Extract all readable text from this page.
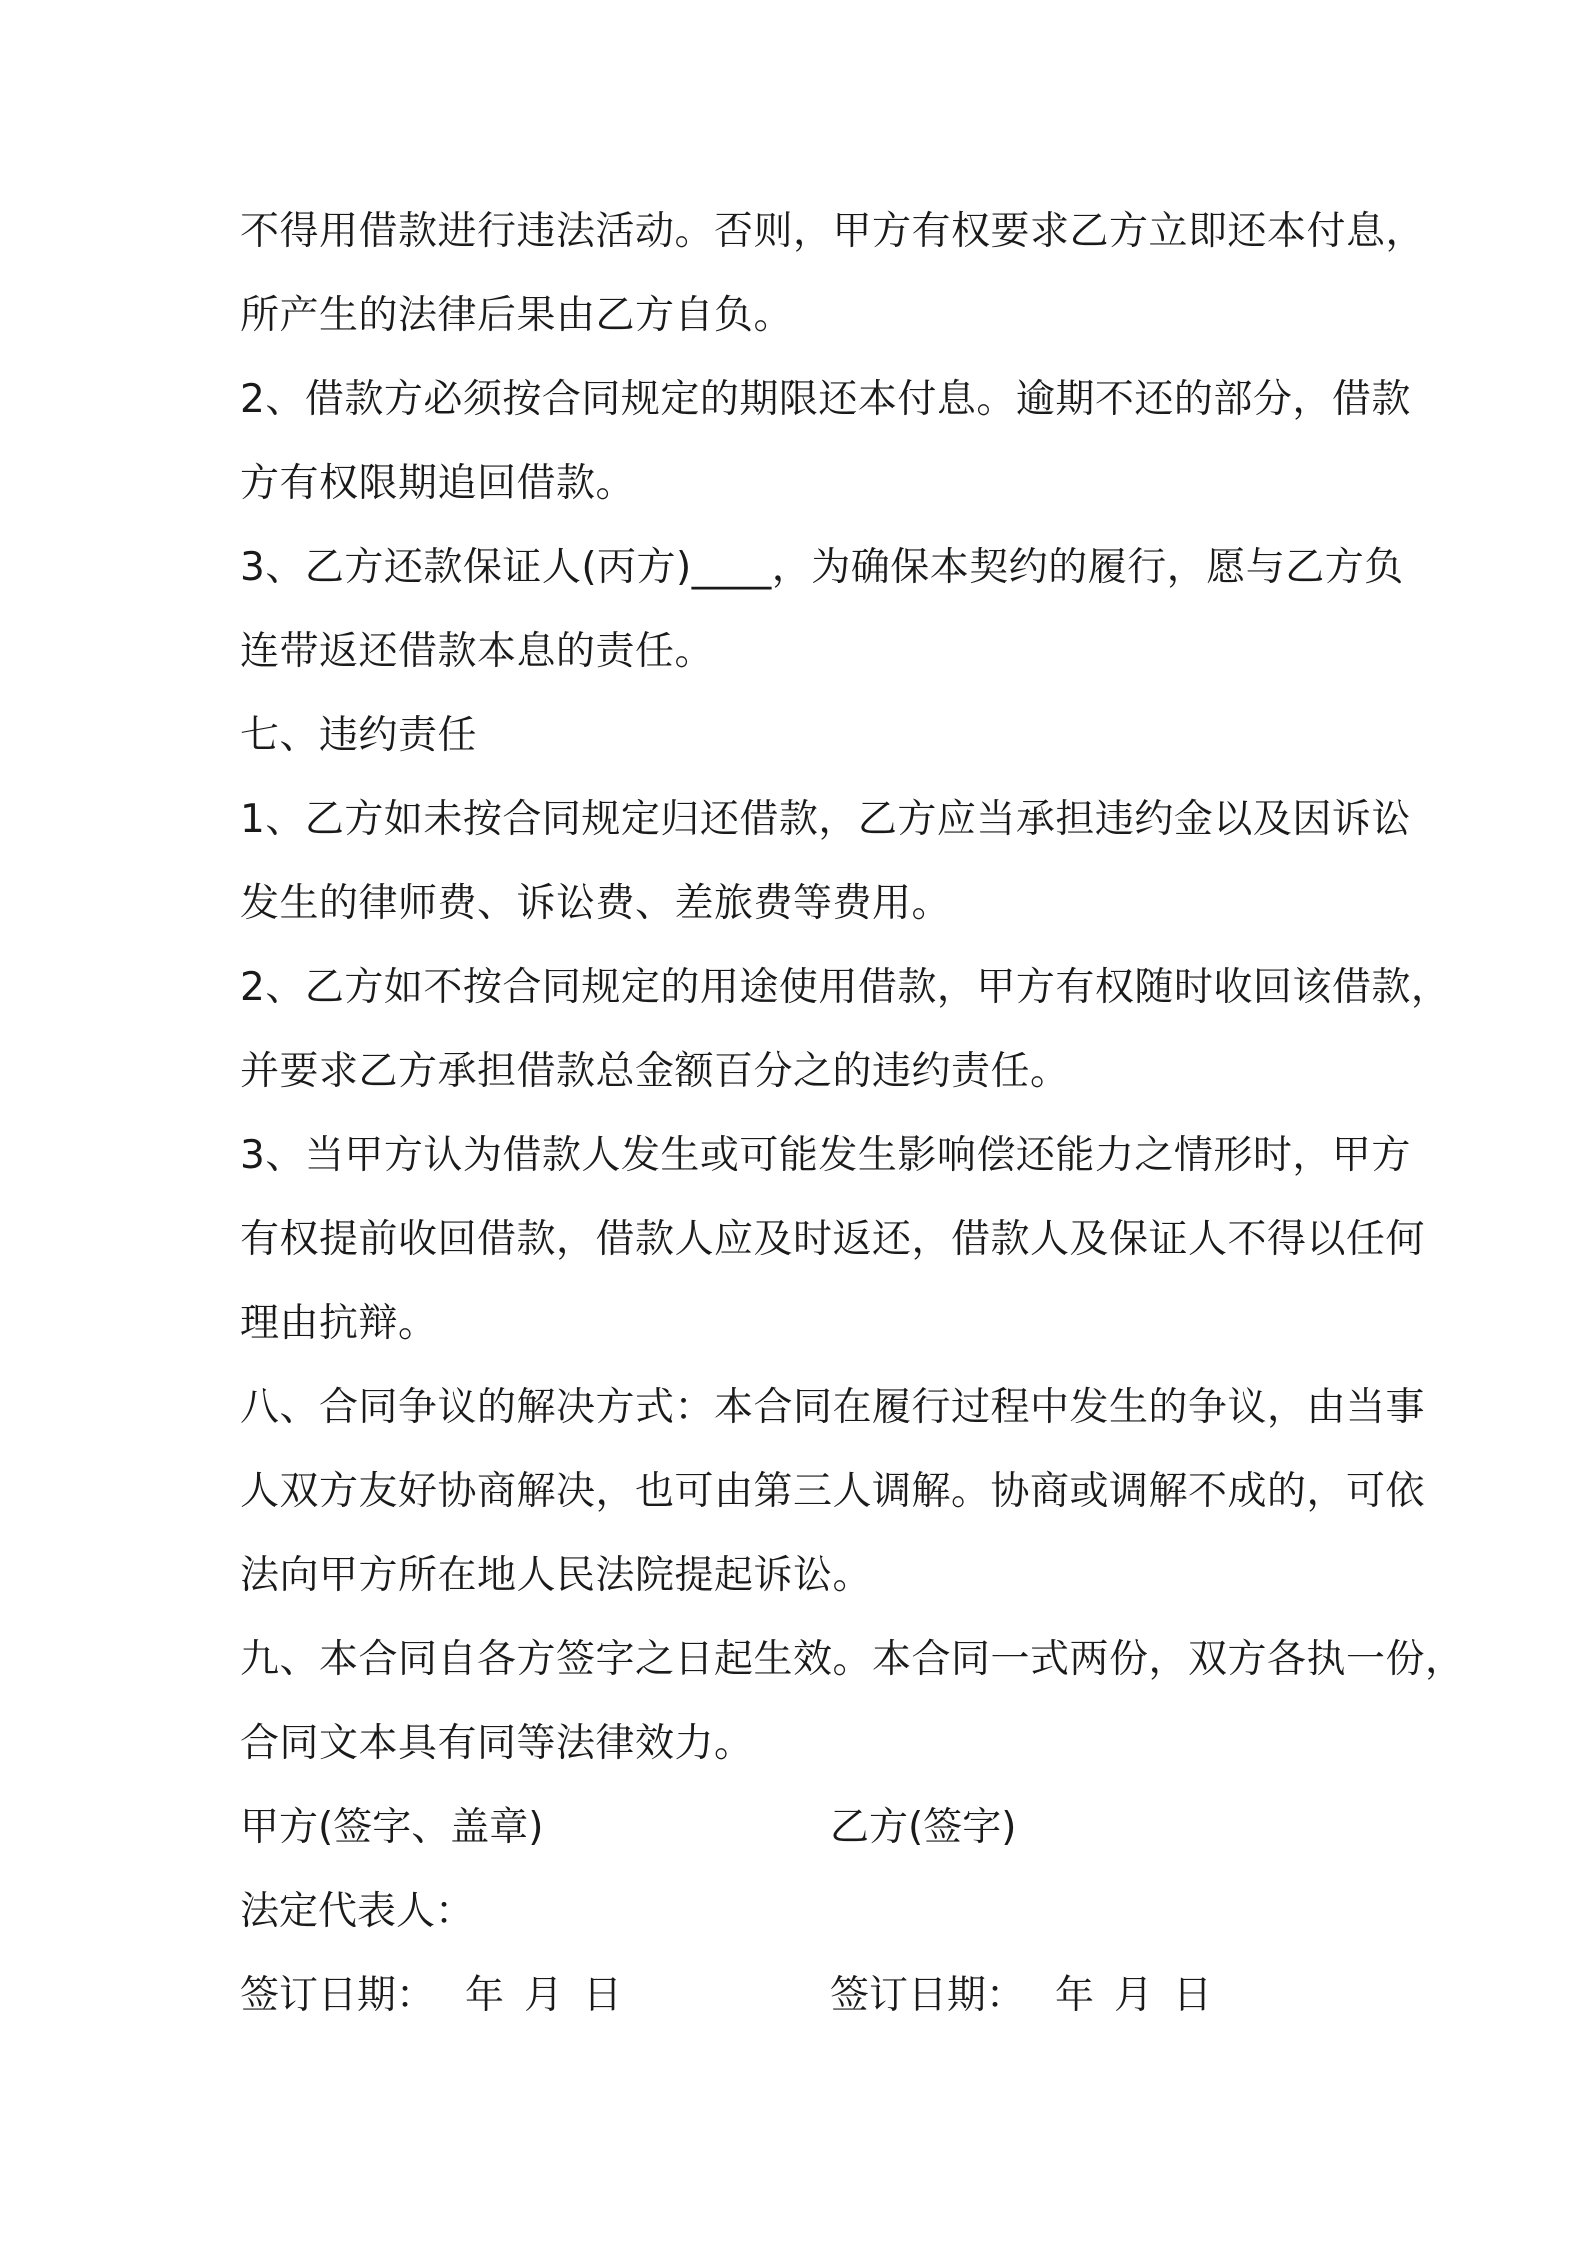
不得用借款进行违法活动。否则，甲方有权要求乙方立即还本付息，
所产生的法律后果由乙方自负。
2、借款方必须按合同规定的期限还本付息。逾期不还的部分，借款
方有权限期追回借款。
3、乙方还款保证人(丙方)____，为确保本契约的履行，愿与乙方负
连带返还借款本息的责任。
七、违约责任
1、乙方如未按合同规定归还借款，乙方应当承担违约金以及因诉讼
发生的律师费、诉讼费、差旅费等费用。
2、乙方如不按合同规定的用途使用借款，甲方有权随时收回该借款，
并要求乙方承担借款总金额百分之的违约责任。
3、当甲方认为借款人发生或可能发生影响偿还能力之情形时，甲方
有权提前收回借款，借款人应及时返还，借款人及保证人不得以任何
理由抗辩。
八、合同争议的解决方式：本合同在履行过程中发生的争议，由当事
人双方友好协商解决，也可由第三人调解。协商或调解不成的，可依
法向甲方所在地人民法院提起诉讼。
九、本合同自各方签字之日起生效。本合同一式两份，双方各执一份，
合同文本具有同等法律效力。
甲方(签字、盖章)	乙方(签字)
法定代表人：
签订日期： 年 月 日	签订日期： 年 月 日
